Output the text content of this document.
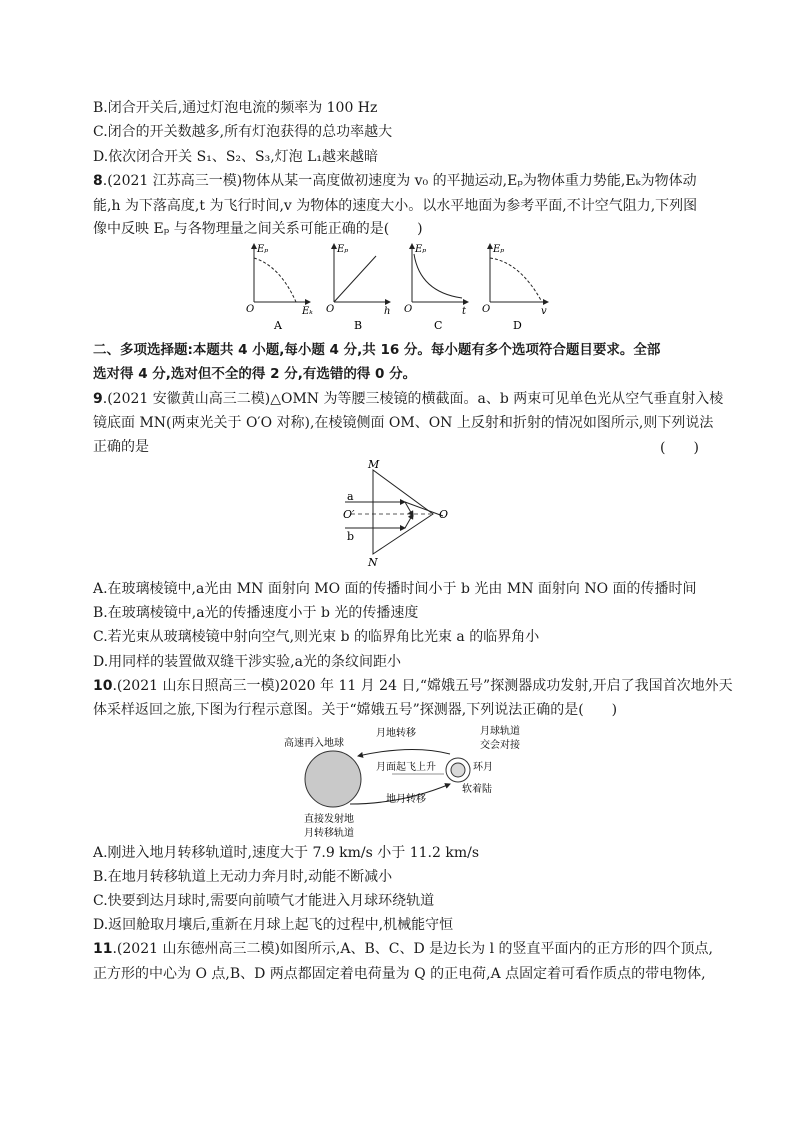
B.闭合开关后,通过灯泡电流的频率为 100 Hz
C.闭合的开关数越多,所有灯泡获得的总功率越大
D.依次闭合开关 S₁、S₂、S₃,灯泡 L₁越来越暗
8.(2021 江苏高三一模)物体从某一高度做初速度为 v₀ 的平抛运动,Eₚ为物体重力势能,Eₖ为物体动
能,h 为下落高度,t 为飞行时间,v 为物体的速度大小。以水平地面为参考平面,不计空气阻力,下列图
像中反映 Eₚ 与各物理量之间关系可能正确的是(　　)
Eₚ
O	Eₖ
A
Eₚ
O	h
B
Eₚ
O	t
C
Eₚ
O	v
D
二、多项选择题:本题共 4 小题,每小题 4 分,共 16 分。每小题有多个选项符合题目要求。全部
选对得 4 分,选对但不全的得 2 分,有选错的得 0 分。
9.(2021 安徽黄山高三二模)△OMN 为等腰三棱镜的横截面。a、b 两束可见单色光从空气垂直射入棱
镜底面 MN(两束光关于 O′O 对称),在棱镜侧面 OM、ON 上反射和折射的情况如图所示,则下列说法
正确的是	(　　)
M
N
O
O′
a
b
A.在玻璃棱镜中,a光由 MN 面射向 MO 面的传播时间小于 b 光由 MN 面射向 NO 面的传播时间
B.在玻璃棱镜中,a光的传播速度小于 b 光的传播速度
C.若光束从玻璃棱镜中射向空气,则光束 b 的临界角比光束 a 的临界角小
D.用同样的装置做双缝干涉实验,a光的条纹间距小
10.(2021 山东日照高三一模)2020 年 11 月 24 日,“嫦娥五号”探测器成功发射,开启了我国首次地外天
体采样返回之旅,下图为行程示意图。关于“嫦娥五号”探测器,下列说法正确的是(　　)
高速再入地球
月地转移	月球轨道
交会对接
月面起飞上升	环月
地月转移
软着陆
直接发射地
月转移轨道
A.刚进入地月转移轨道时,速度大于 7.9 km/s 小于 11.2 km/s
B.在地月转移轨道上无动力奔月时,动能不断减小
C.快要到达月球时,需要向前喷气才能进入月球环绕轨道
D.返回舱取月壤后,重新在月球上起飞的过程中,机械能守恒
11.(2021 山东德州高三二模)如图所示,A、B、C、D 是边长为 l 的竖直平面内的正方形的四个顶点,
正方形的中心为 O 点,B、D 两点都固定着电荷量为 Q 的正电荷,A 点固定着可看作质点的带电物体,
